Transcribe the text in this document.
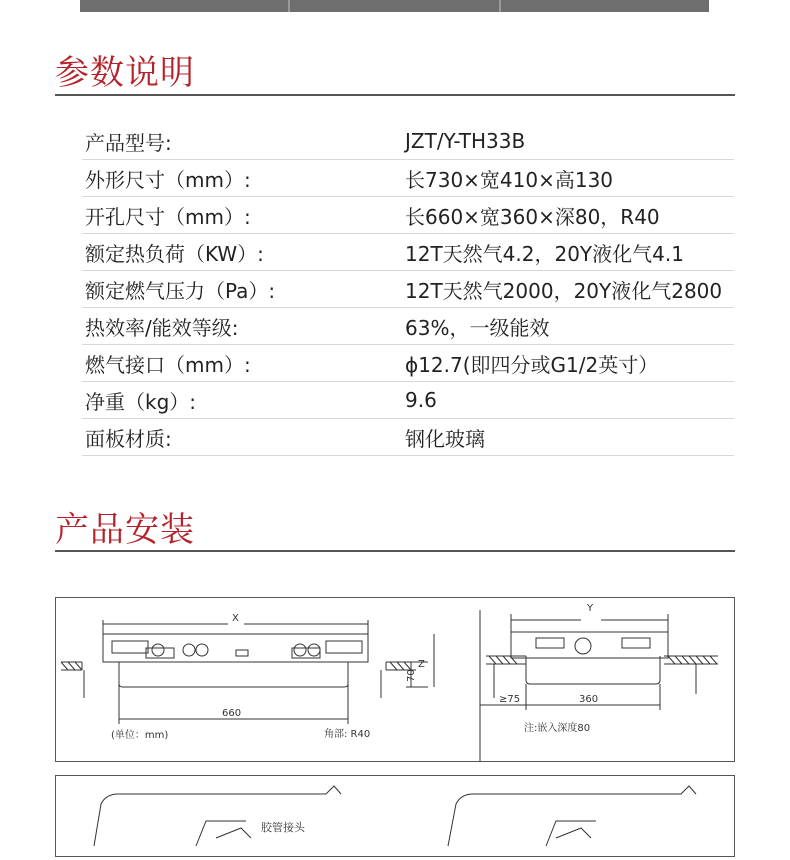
参数说明
产品型号:	JZT/Y-TH33B
外形尺寸（mm）:	长730×宽410×高130
开孔尺寸（mm）:	长660×宽360×深80，R40
额定热负荷（KW）:	12T天然气4.2，20Y液化气4.1
额定燃气压力（Pa）:	12T天然气2000，20Y液化气2800
热效率/能效等级:	63%，一级能效
燃气接口（mm）:	ϕ12.7(即四分或G1/2英寸）
净重（kg）:	9.6
面板材质:	钢化玻璃
产品安装
X
Z
70
660
(单位：mm)	角部: R40
Y
≥75	360
注:嵌入深度80
胶管接头
